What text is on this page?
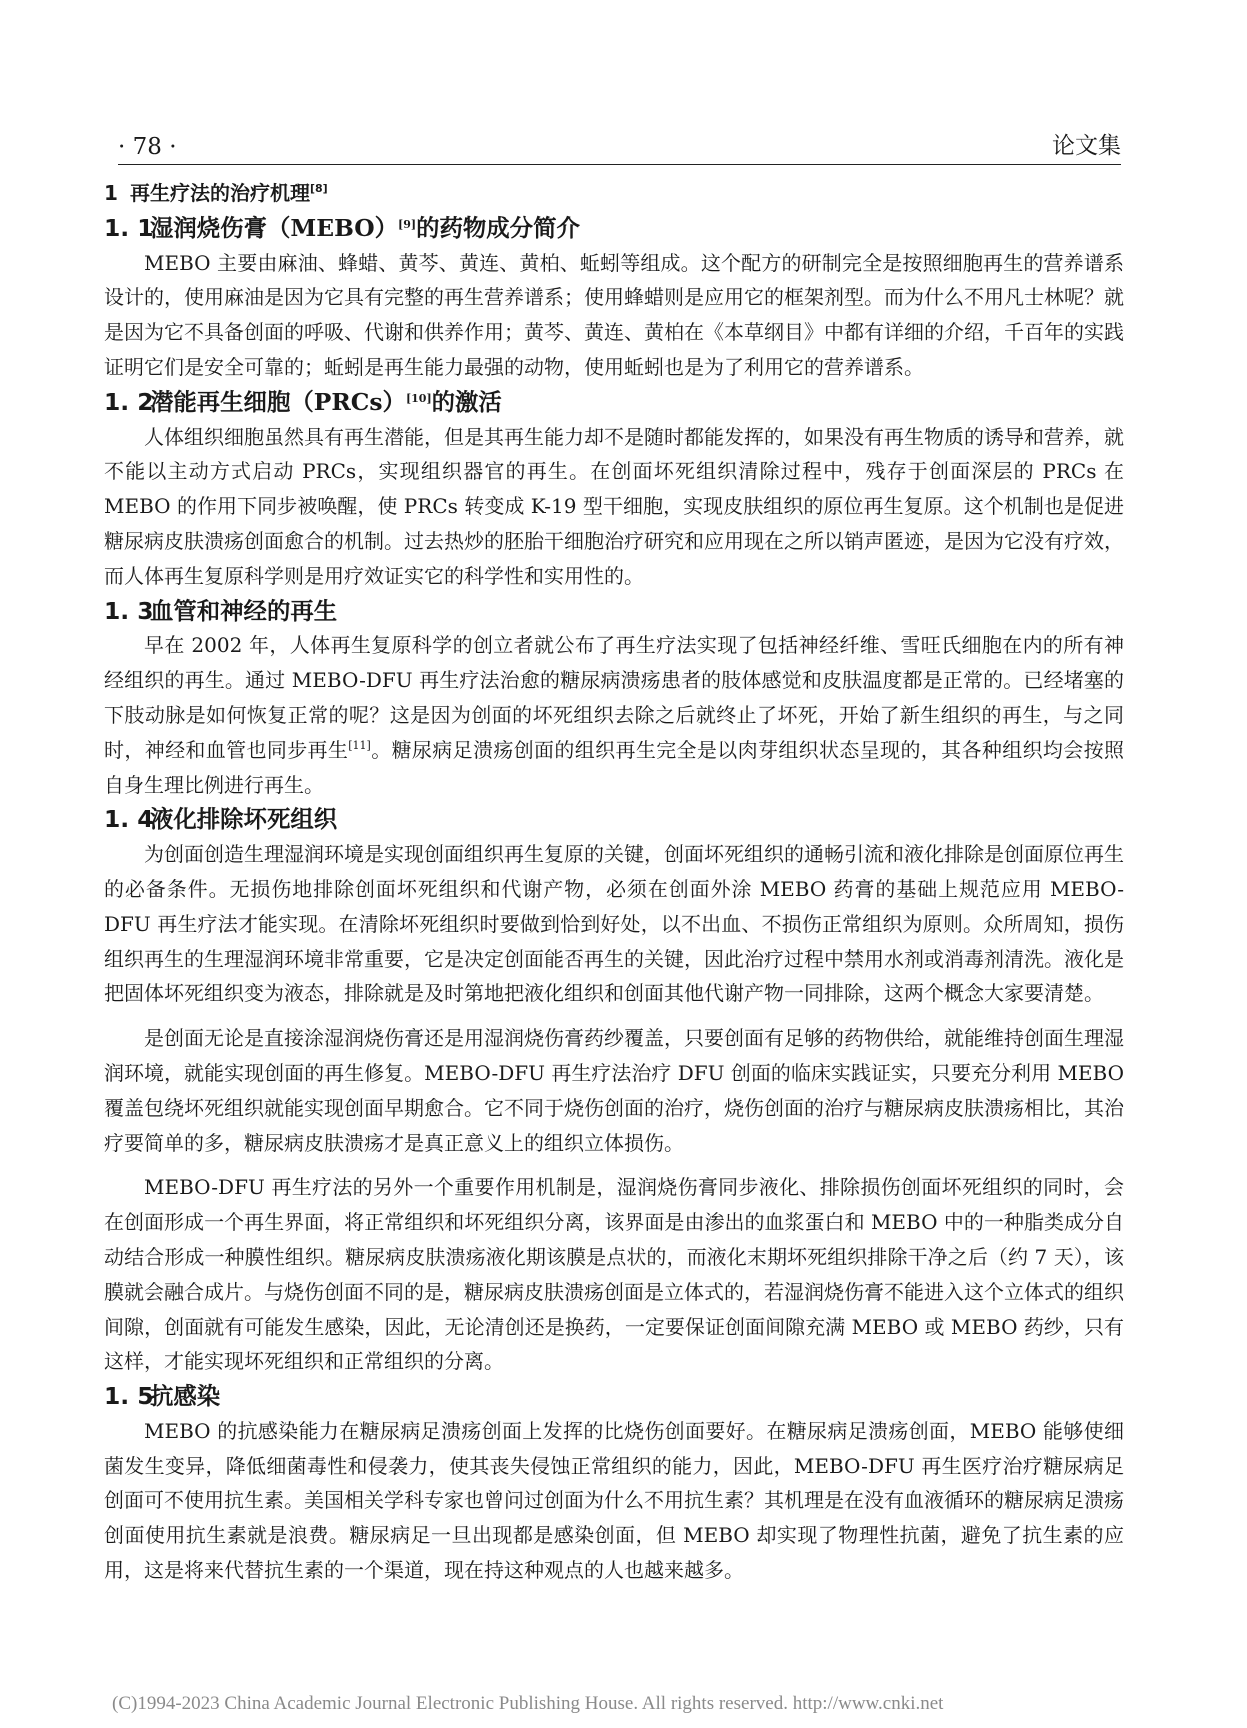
· 78 ·	论文集
1 再生疗法的治疗机理[8]
1. 1湿润烧伤膏（MEBO）[9]的药物成分简介

MEBO 主要由麻油、蜂蜡、黄芩、黄连、黄柏、蚯蚓等组成。这个配方的研制完全是按照细胞再生的营养谱系设计的，使用麻油是因为它具有完整的再生营养谱系；使用蜂蜡则是应用它的框架剂型。而为什么不用凡士林呢？就是因为它不具备创面的呼吸、代谢和供养作用；黄芩、黄连、黄柏在《本草纲目》中都有详细的介绍，千百年的实践证明它们是安全可靠的；蚯蚓是再生能力最强的动物，使用蚯蚓也是为了利用它的营养谱系。

1. 2潜能再生细胞（PRCs）[10]的激活

人体组织细胞虽然具有再生潜能，但是其再生能力却不是随时都能发挥的，如果没有再生物质的诱导和营养，就不能以主动方式启动 PRCs，实现组织器官的再生。在创面坏死组织清除过程中，残存于创面深层的 PRCs 在 MEBO 的作用下同步被唤醒，使 PRCs 转变成 K-19 型干细胞，实现皮肤组织的原位再生复原。这个机制也是促进糖尿病皮肤溃疡创面愈合的机制。过去热炒的胚胎干细胞治疗研究和应用现在之所以销声匿迹，是因为它没有疗效，而人体再生复原科学则是用疗效证实它的科学性和实用性的。

1. 3血管和神经的再生

早在 2002 年，人体再生复原科学的创立者就公布了再生疗法实现了包括神经纤维、雪旺氏细胞在内的所有神经组织的再生。通过 MEBO-DFU 再生疗法治愈的糖尿病溃疡患者的肢体感觉和皮肤温度都是正常的。已经堵塞的下肢动脉是如何恢复正常的呢？这是因为创面的坏死组织去除之后就终止了坏死，开始了新生组织的再生，与之同时，神经和血管也同步再生[11]。糖尿病足溃疡创面的组织再生完全是以肉芽组织状态呈现的，其各种组织均会按照自身生理比例进行再生。

1. 4液化排除坏死组织

为创面创造生理湿润环境是实现创面组织再生复原的关键，创面坏死组织的通畅引流和液化排除是创面原位再生的必备条件。无损伤地排除创面坏死组织和代谢产物，必须在创面外涂 MEBO 药膏的基础上规范应用 MEBO-DFU 再生疗法才能实现。在清除坏死组织时要做到恰到好处，以不出血、不损伤正常组织为原则。众所周知，损伤组织再生的生理湿润环境非常重要，它是决定创面能否再生的关键，因此治疗过程中禁用水剂或消毒剂清洗。液化是把固体坏死组织变为液态，排除就是及时第地把液化组织和创面其他代谢产物一同排除，这两个概念大家要清楚。

是创面无论是直接涂湿润烧伤膏还是用湿润烧伤膏药纱覆盖，只要创面有足够的药物供给，就能维持创面生理湿润环境，就能实现创面的再生修复。MEBO-DFU 再生疗法治疗 DFU 创面的临床实践证实，只要充分利用 MEBO 覆盖包绕坏死组织就能实现创面早期愈合。它不同于烧伤创面的治疗，烧伤创面的治疗与糖尿病皮肤溃疡相比，其治疗要简单的多，糖尿病皮肤溃疡才是真正意义上的组织立体损伤。

MEBO-DFU 再生疗法的另外一个重要作用机制是，湿润烧伤膏同步液化、排除损伤创面坏死组织的同时，会在创面形成一个再生界面，将正常组织和坏死组织分离，该界面是由渗出的血浆蛋白和 MEBO 中的一种脂类成分自动结合形成一种膜性组织。糖尿病皮肤溃疡液化期该膜是点状的，而液化末期坏死组织排除干净之后（约 7 天），该膜就会融合成片。与烧伤创面不同的是，糖尿病皮肤溃疡创面是立体式的，若湿润烧伤膏不能进入这个立体式的组织间隙，创面就有可能发生感染，因此，无论清创还是换药，一定要保证创面间隙充满 MEBO 或 MEBO 药纱，只有这样，才能实现坏死组织和正常组织的分离。

1. 5抗感染

MEBO 的抗感染能力在糖尿病足溃疡创面上发挥的比烧伤创面要好。在糖尿病足溃疡创面，MEBO 能够使细菌发生变异，降低细菌毒性和侵袭力，使其丧失侵蚀正常组织的能力，因此，MEBO-DFU 再生医疗治疗糖尿病足创面可不使用抗生素。美国相关学科专家也曾问过创面为什么不用抗生素？其机理是在没有血液循环的糖尿病足溃疡创面使用抗生素就是浪费。糖尿病足一旦出现都是感染创面，但 MEBO 却实现了物理性抗菌，避免了抗生素的应用，这是将来代替抗生素的一个渠道，现在持这种观点的人也越来越多。

(C)1994-2023 China Academic Journal Electronic Publishing House. All rights reserved. http://www.cnki.net
